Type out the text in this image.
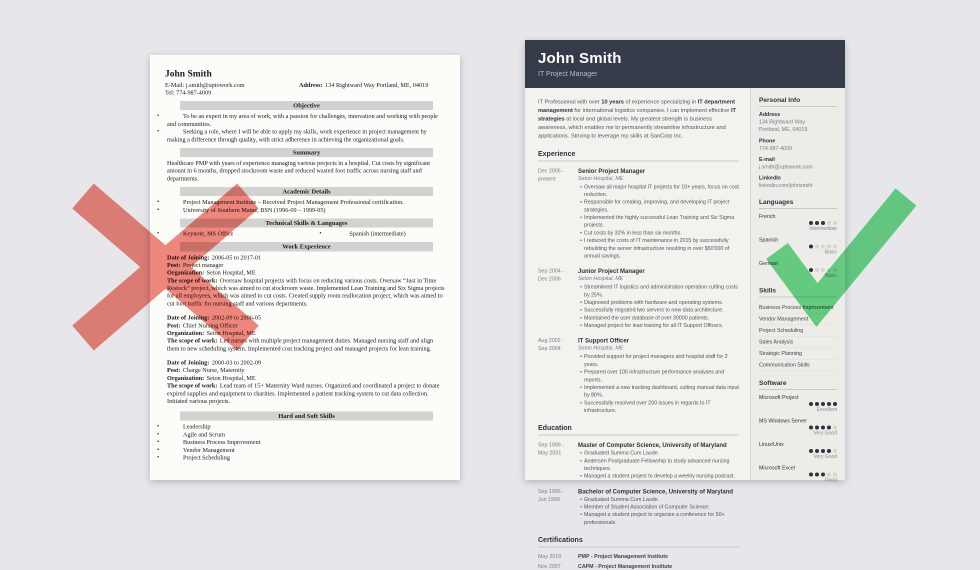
John Smith
E-Mail: j.smith@uptowork.com
Tel: 774-987-4009
Address: 134 Rightward Way Portland, ME, 04019
Objective
•	To be an expert in my area of work, with a passion for challenges, innovation and working with people and communities.
•	Seeking a role, where I will be able to apply my skills, work experience in project management by making a difference through quality, with strict adherence in achieving the organizational goals.
Summary
Healthcare PMP with years of experience managing various projects in a hospital. Cut costs by significant amount in 6 months, dropped stockroom waste and reduced wasted foot traffic across nursing staff and departments.
Academic Details
•	Project Management Institute – Received Project Management Professional certification.
•	University of Southern Maine, BSN (1996-09 – 1999-05)
Technical Skills & Languages
•	Keynote, MS Office	•	Spanish (intermediate)
Work Experience
Date of Joining: 2006-05 to 2017-01
Post: Project manager
Organization: Seton Hospital, ME
The scope of work: Oversaw hospital projects with focus on reducing various costs. Oversaw “Just in Time Restock” project, which was aimed to cut stockroom waste. Implemented Lean Training and Six Sigma projects for all employees, which was aimed to cut costs. Created supply room reallocation project, which was aimed to cut foot traffic for nursing staff and various departments.
Date of Joining: 2002-09 to 2006-05
Post: Chief Nursing Officer
Organization: Seton Hospital, ME
The scope of work: Led nurses with multiple project management duties. Managed nursing staff and align them to new scheduling system. Implemented cost tracking project and managed projects for lean training.
Date of Joining: 2000-03 to 2002-09
Post: Charge Nurse, Maternity
Organization: Seton Hospital, ME
The scope of work: Lead team of 15+ Maternity Ward nurses. Organized and coordinated a project to donate expired supplies and equipment to charities. Implemented a patient tracking system to cut data collection. Initiated various projects.
Hard and Soft Skills
•	Leadership
•	Agile and Scrum
•	Business Process Improvement
•	Vendor Management
•	Project Scheduling
John Smith
IT Project Manager
IT Professional with over 10 years of experience specializing in IT department management for international logistics companies. I can implement effective IT strategies at local and global levels. My greatest strength is business awareness, which enables me to permanently streamline infrastructure and applications. Striving to leverage my skills at SanCorp Inc.
Experience
Dec 2006 -
present
Senior Project Manager
Seton Hospital, ME
• Oversaw all major hospital IT projects for 10+ years, focus on cost reduction.
• Responsible for creating, improving, and developing IT project strategies.
• Implemented the highly successful Lean Training and Six Sigma projects.
• Cut costs by 32% in less than six months.
• I reduced the costs of IT maintenance in 2015 by successfully rebuilding the server infrastructure resulting in over $50'000 of annual savings.
Sep 2004 -
Dec 2006
Junior Project Manager
Seton Hospital, ME
• Streamlined IT logistics and administration operation cutting costs by 25%.
• Diagnosed problems with hardware and operating systems.
• Successfully migrated two servers to new data architecture.
• Maintained the user database of over 30000 patients.
• Managed project for lean training for all IT Support Officers.
Aug 2002 -
Sep 2004
IT Support Officer
Seton Hospital, ME
• Provided support for project managers and hospital staff for 2 years.
• Prepared over 100 infrastructure performance analyses and reports.
• Implemented a new tracking dashboard, cutting manual data input by 80%.
• Successfully resolved over 200 issues in regards to IT infrastructure.
Education
Sep 1999 -
May 2001
Master of Computer Science, University of Maryland
• Graduated Summa Cum Laude.
• Andersen Postgraduate Fellowship to study advanced nursing techniques.
• Managed a student project to develop a weekly nursing podcast.
Sep 1996 -
Jun 1999
Bachelor of Computer Science, University of Maryland
• Graduated Summa Cum Laude.
• Member of Student Association of Computer Science.
• Managed a student project to organize a conference for 50+ professionals.
Certifications
May 2010	PMP - Project Management Institute
Nov 2007	CAPM - Project Management Institute
Personal Info
Address
134 Rightward Way
Portland, ME, 04019
Phone
774-987-4009
E-mail
j.smith@uptowork.com
LinkedIn
linkedin.com/johnsmith
Languages
French
Intermediate
Spanish
Basic
German
Basic
Skills
Business Process Improvement
Vendor Management
Project Scheduling
Sales Analysis
Strategic Planning
Communication Skills
Software
Microsoft Project
Excellent
MS Windows Server
Very Good
Linux/Unix
Very Good
Microsoft Excel
Good
